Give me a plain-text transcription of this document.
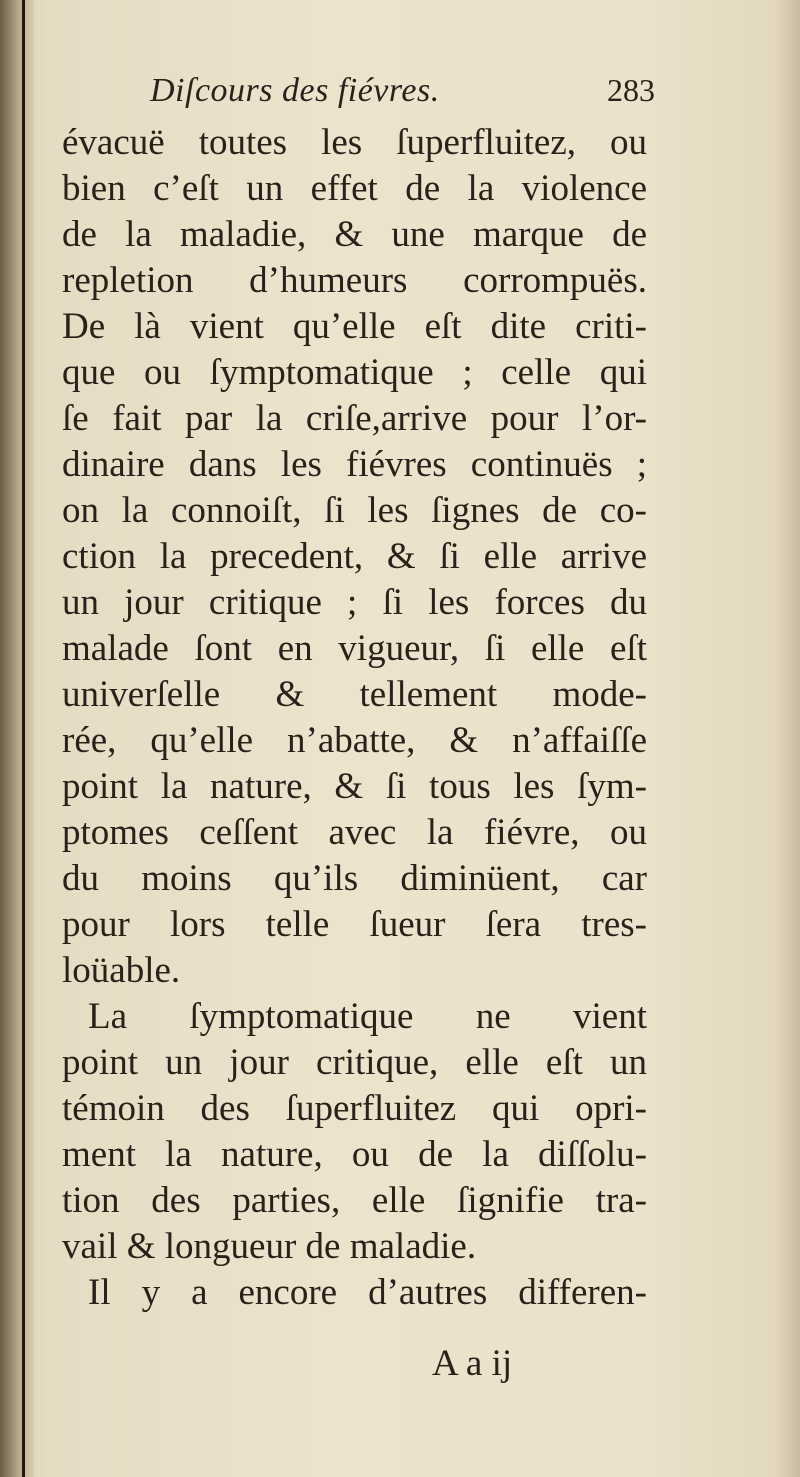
Diſcours des fiévres.	283
évacuë toutes les ſuperfluitez, ou
bien c’eſt un effet de la violence
de la maladie, & une marque de
repletion d’humeurs corrompuës.
De là vient qu’elle eſt dite criti-
que ou ſymptomatique ; celle qui
ſe fait par la criſe,arrive pour l’or-
dinaire dans les fiévres continuës ;
on la connoiſt, ſi les ſignes de co-
ction la precedent, & ſi elle arrive
un jour critique ; ſi les forces du
malade ſont en vigueur, ſi elle eſt
univerſelle & tellement mode-
rée, qu’elle n’abatte, & n’affaiſſe
point la nature, & ſi tous les ſym-
ptomes ceſſent avec la fiévre, ou
du moins qu’ils diminüent, car
pour lors telle ſueur ſera tres-
loüable.
La ſymptomatique ne vient
point un jour critique, elle eſt un
témoin des ſuperfluitez qui opri-
ment la nature, ou de la diſſolu-
tion des parties, elle ſignifie tra-
vail & longueur de maladie.
Il y a encore d’autres differen-
A a ij
